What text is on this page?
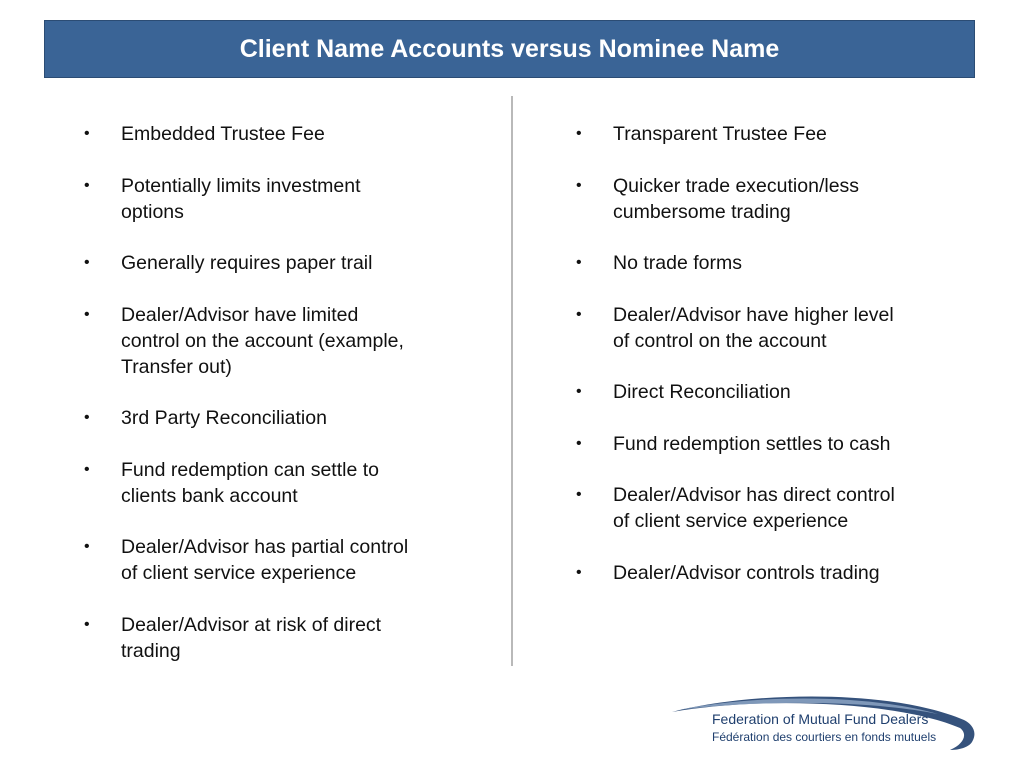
Client Name Accounts versus Nominee Name
•	Embedded Trustee Fee
•	Potentially limits investment
options
•	Generally requires paper trail
•	Dealer/Advisor have limited
control on the account (example,
Transfer out)
•	3rd Party Reconciliation
•	Fund redemption can settle to
clients bank account
•	Dealer/Advisor has partial control
of client service experience
•	Dealer/Advisor at risk of direct
trading
•	Transparent Trustee Fee
•	Quicker trade execution/less
cumbersome trading
•	No trade forms
•	Dealer/Advisor have higher level
of control on the account
•	Direct Reconciliation
•	Fund redemption settles to cash
•	Dealer/Advisor has direct control
of client service experience
•	Dealer/Advisor controls trading
Federation of Mutual Fund Dealers
Fédération des courtiers en fonds mutuels
